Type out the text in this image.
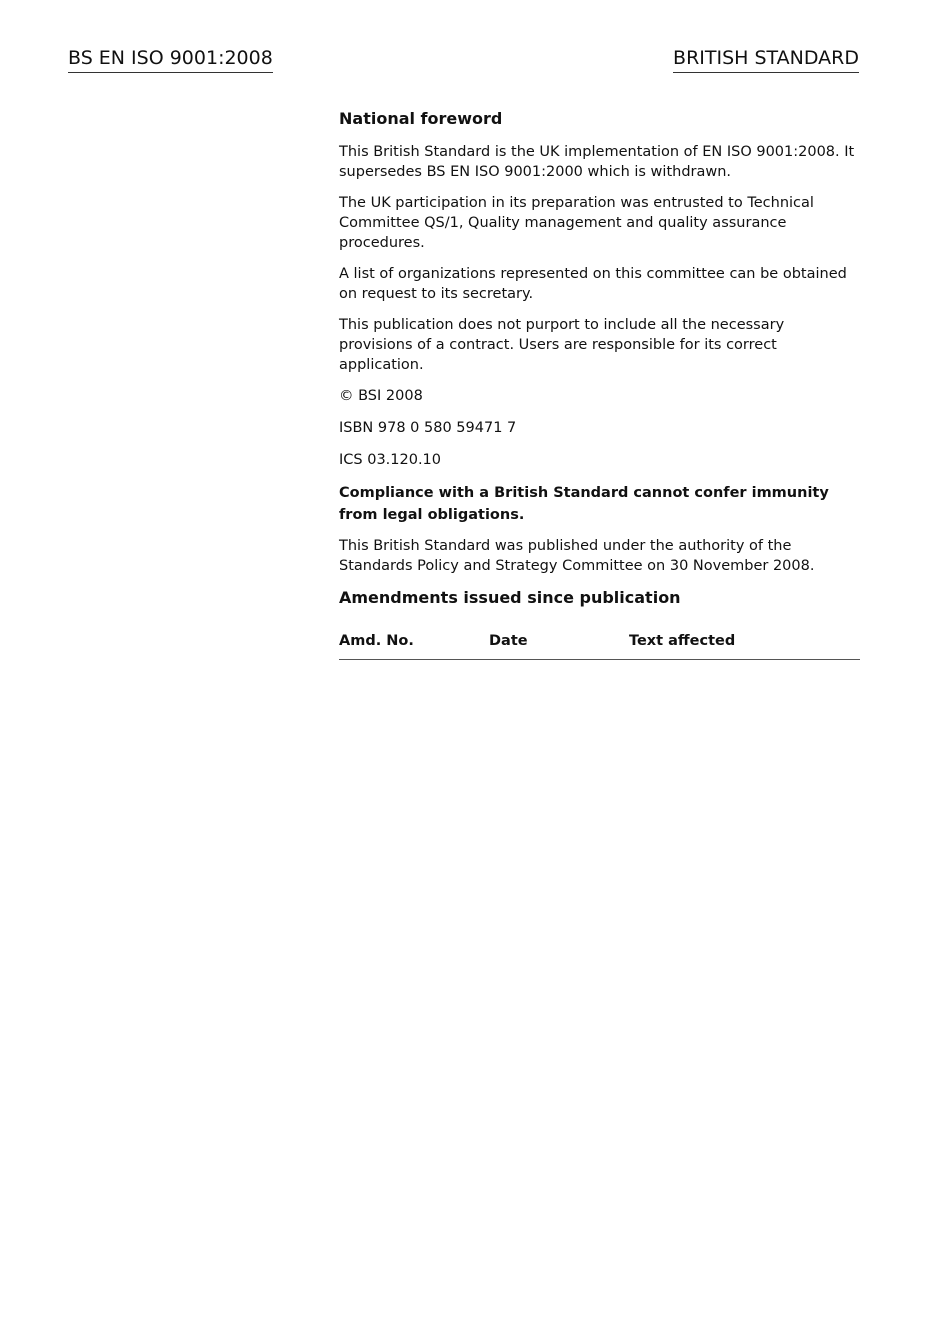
BS EN ISO 9001:2008	BRITISH STANDARD
National foreword

This British Standard is the UK implementation of EN ISO 9001:2008. It supersedes BS EN ISO 9001:2000 which is withdrawn.

The UK participation in its preparation was entrusted to Technical Committee QS/1, Quality management and quality assurance procedures.

A list of organizations represented on this committee can be obtained on request to its secretary.

This publication does not purport to include all the necessary provisions of a contract. Users are responsible for its correct application.

© BSI 2008

ISBN 978 0 580 59471 7

ICS 03.120.10

Compliance with a British Standard cannot confer immunity from legal obligations.

This British Standard was published under the authority of the Standards Policy and Strategy Committee on 30 November 2008.

Amendments issued since publication
Amd. No.	Date	Text affected
